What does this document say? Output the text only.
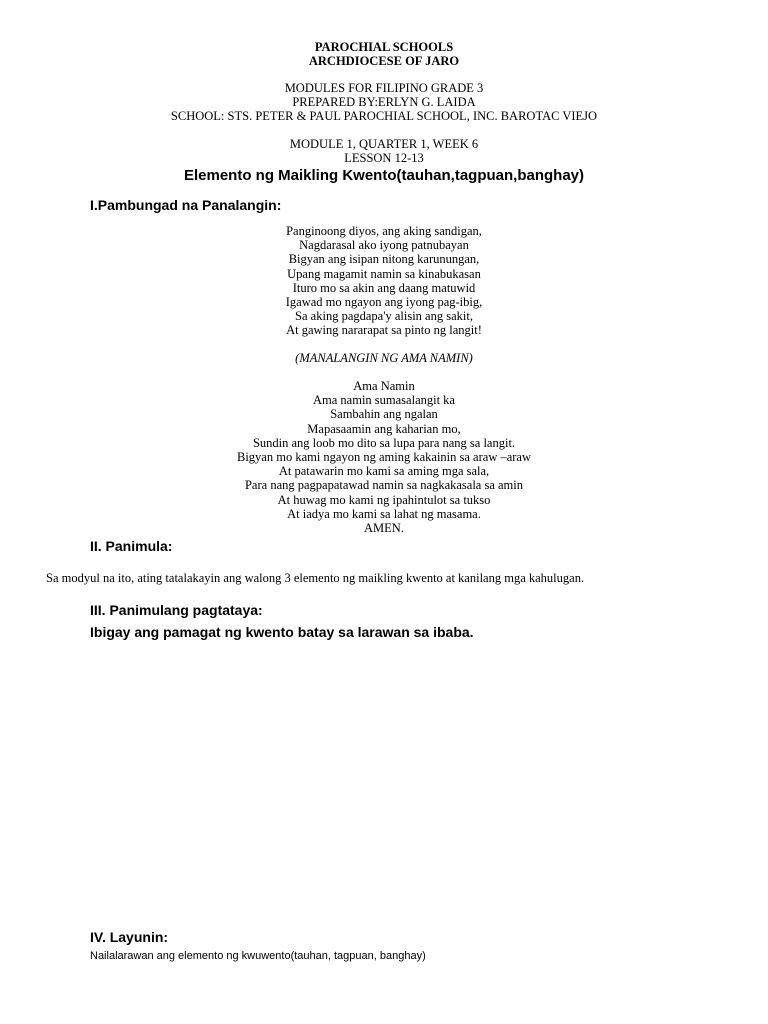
PAROCHIAL SCHOOLS
ARCHDIOCESE OF JARO
MODULES FOR FILIPINO GRADE 3
PREPARED BY:ERLYN G. LAIDA
SCHOOL: STS. PETER & PAUL PAROCHIAL SCHOOL, INC. BAROTAC VIEJO
MODULE 1, QUARTER 1, WEEK 6
LESSON 12-13
Elemento ng Maikling Kwento(tauhan,tagpuan,banghay)
I.Pambungad na Panalangin:
Panginoong diyos, ang aking sandigan,
Nagdarasal ako iyong patnubayan
Bigyan ang isipan nitong karunungan,
Upang magamit namin sa kinabukasan
Ituro mo sa akin ang daang matuwid
Igawad mo ngayon ang iyong pag-ibig,
Sa aking pagdapa'y alisin ang sakit,
At gawing nararapat sa pinto ng langit!
(MANALANGIN NG AMA NAMIN)
Ama Namin
Ama namin sumasalangit ka
Sambahin ang ngalan
Mapasaamin ang kaharian mo,
Sundin ang loob mo dito sa lupa para nang sa langit.
Bigyan mo kami ngayon ng aming kakainin sa araw –araw
At patawarin mo kami sa aming mga sala,
Para nang pagpapatawad namin sa nagkakasala sa amin
At huwag mo kami ng ipahintulot sa tukso
At iadya mo kami sa lahat ng masama.
AMEN.
II. Panimula:
Sa modyul na ito, ating tatalakayin ang walong 3 elemento ng maikling kwento at kanilang mga kahulugan.
III. Panimulang pagtataya:
Ibigay ang pamagat ng kwento batay sa larawan sa ibaba.
IV. Layunin:
Nailalarawan ang elemento ng kwuwento(tauhan, tagpuan, banghay)
